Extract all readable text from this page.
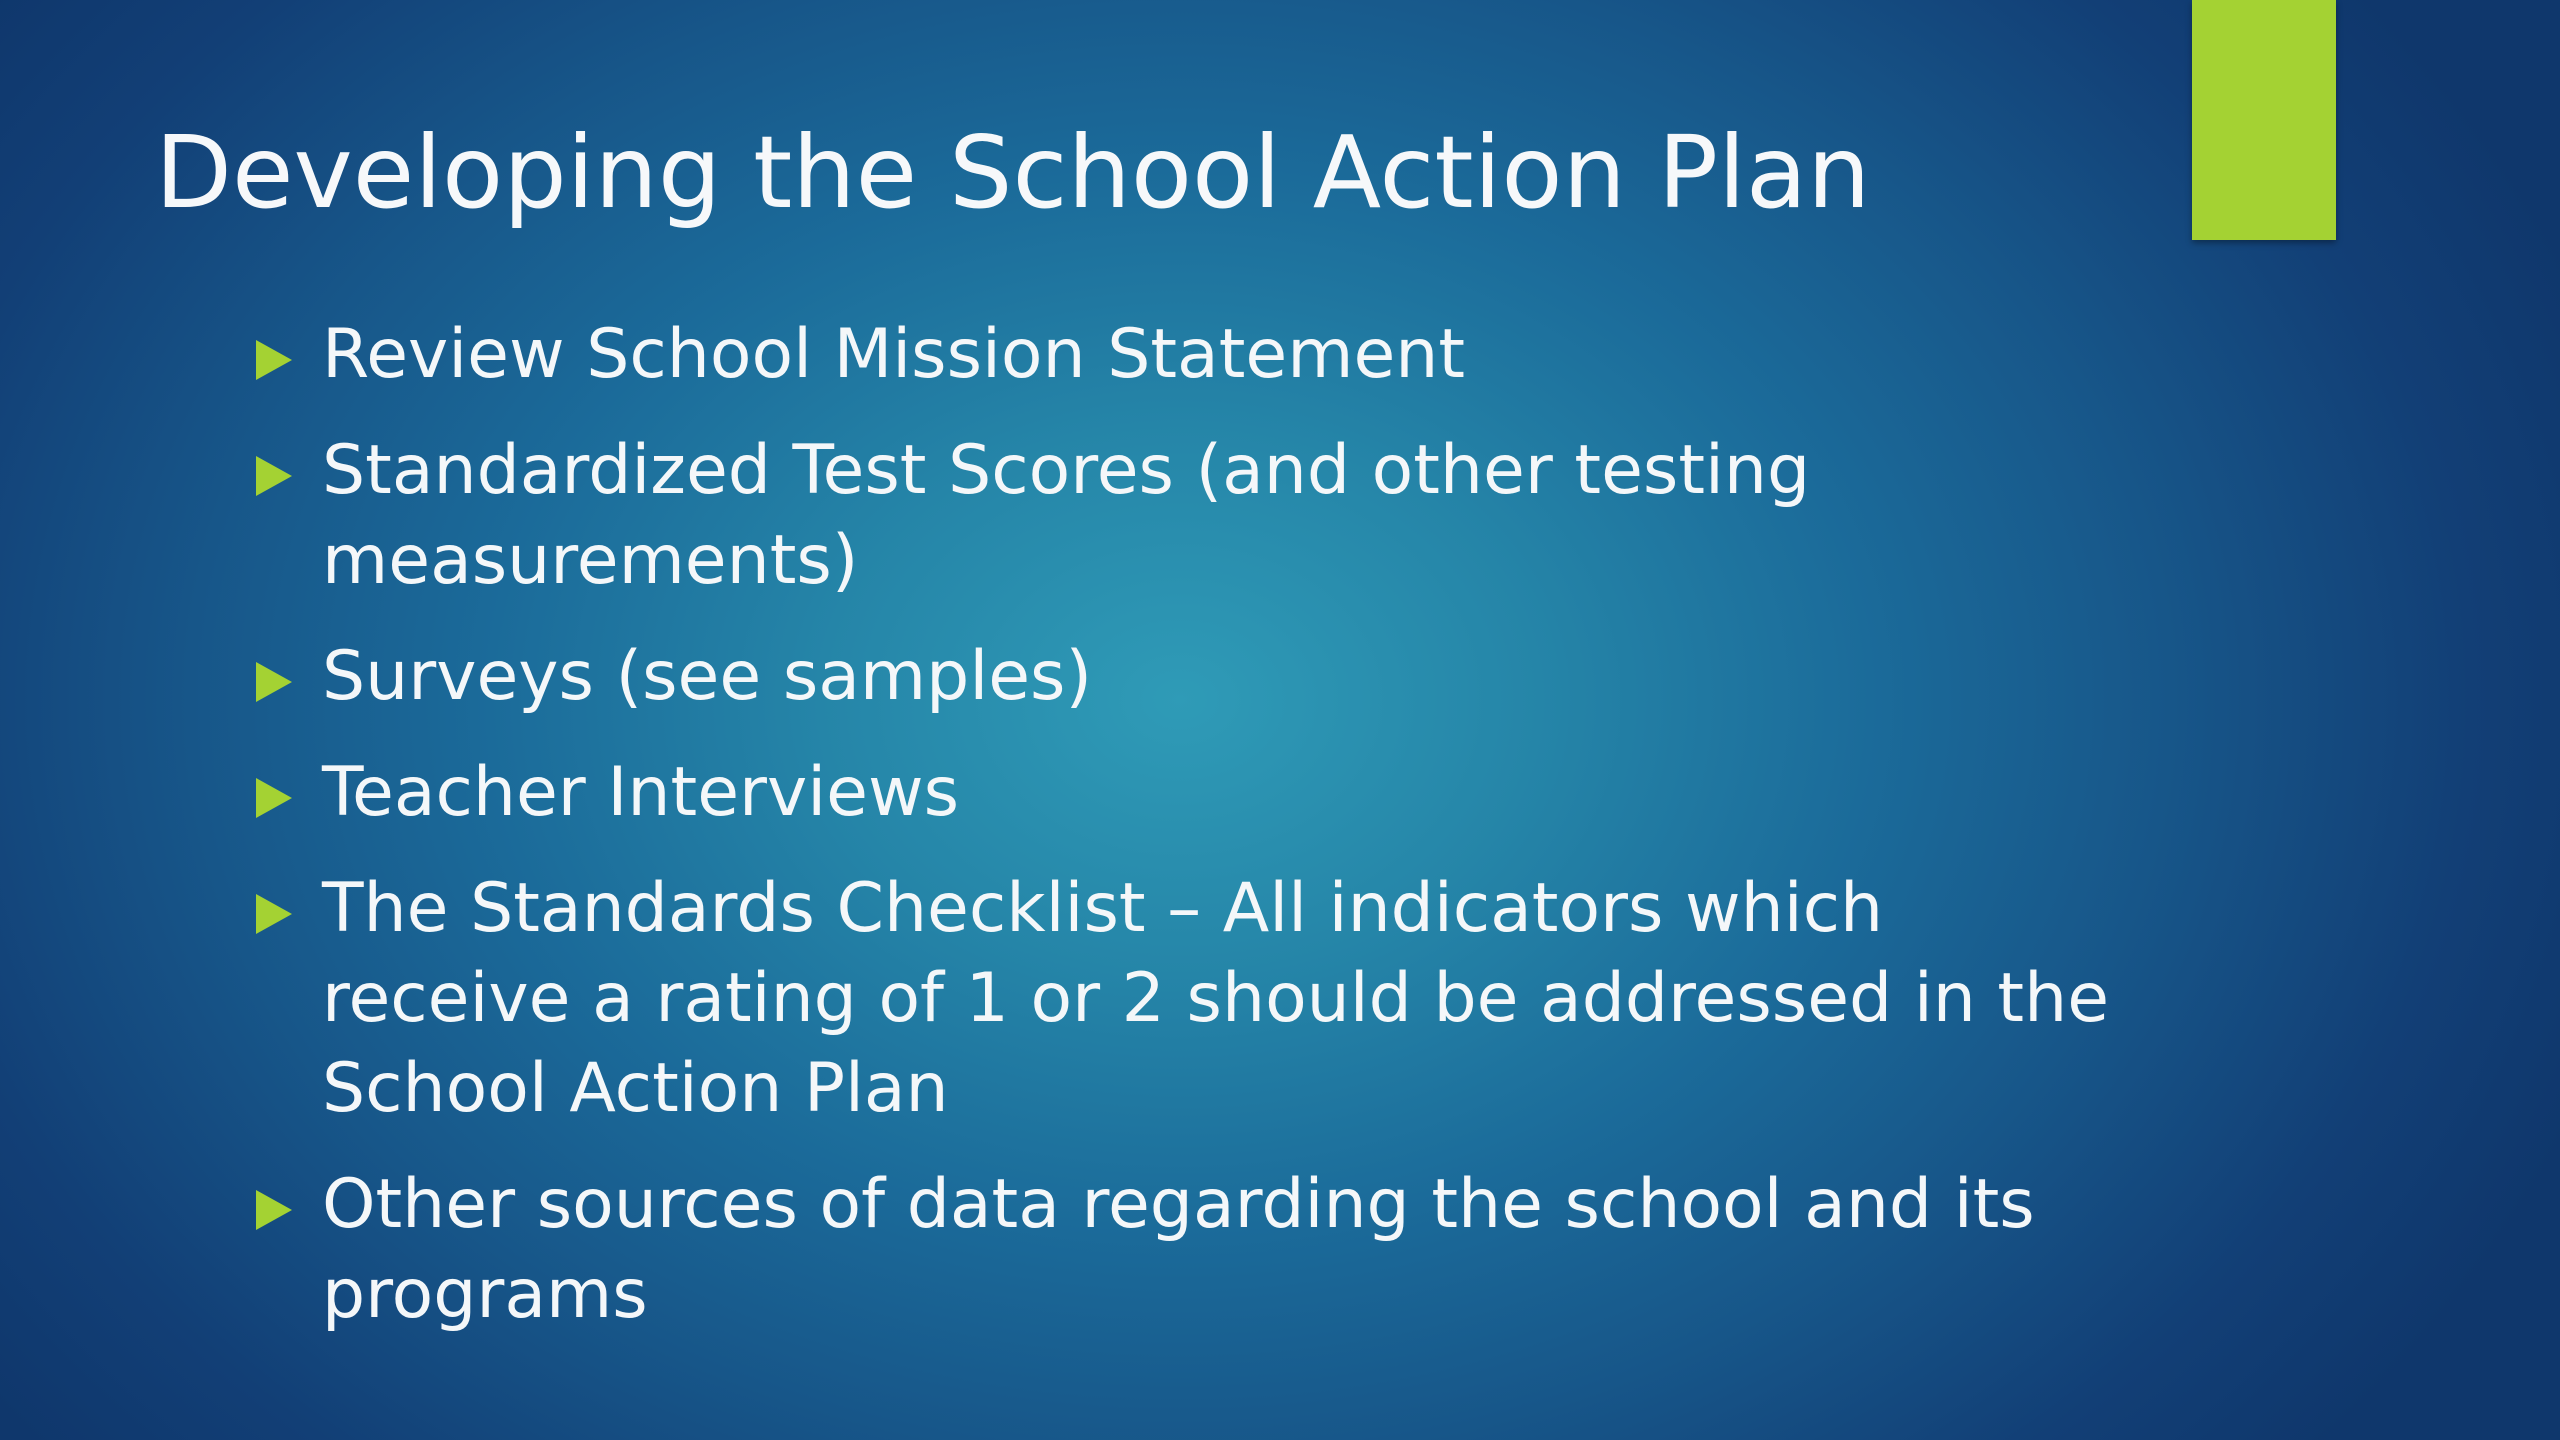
Developing the School Action Plan
Review School Mission Statement
Standardized Test Scores (and other testing measurements)
Surveys (see samples)
Teacher Interviews
The Standards Checklist – All indicators which receive a rating of 1 or 2 should be addressed in the School Action Plan
Other sources of data regarding the school and its programs
